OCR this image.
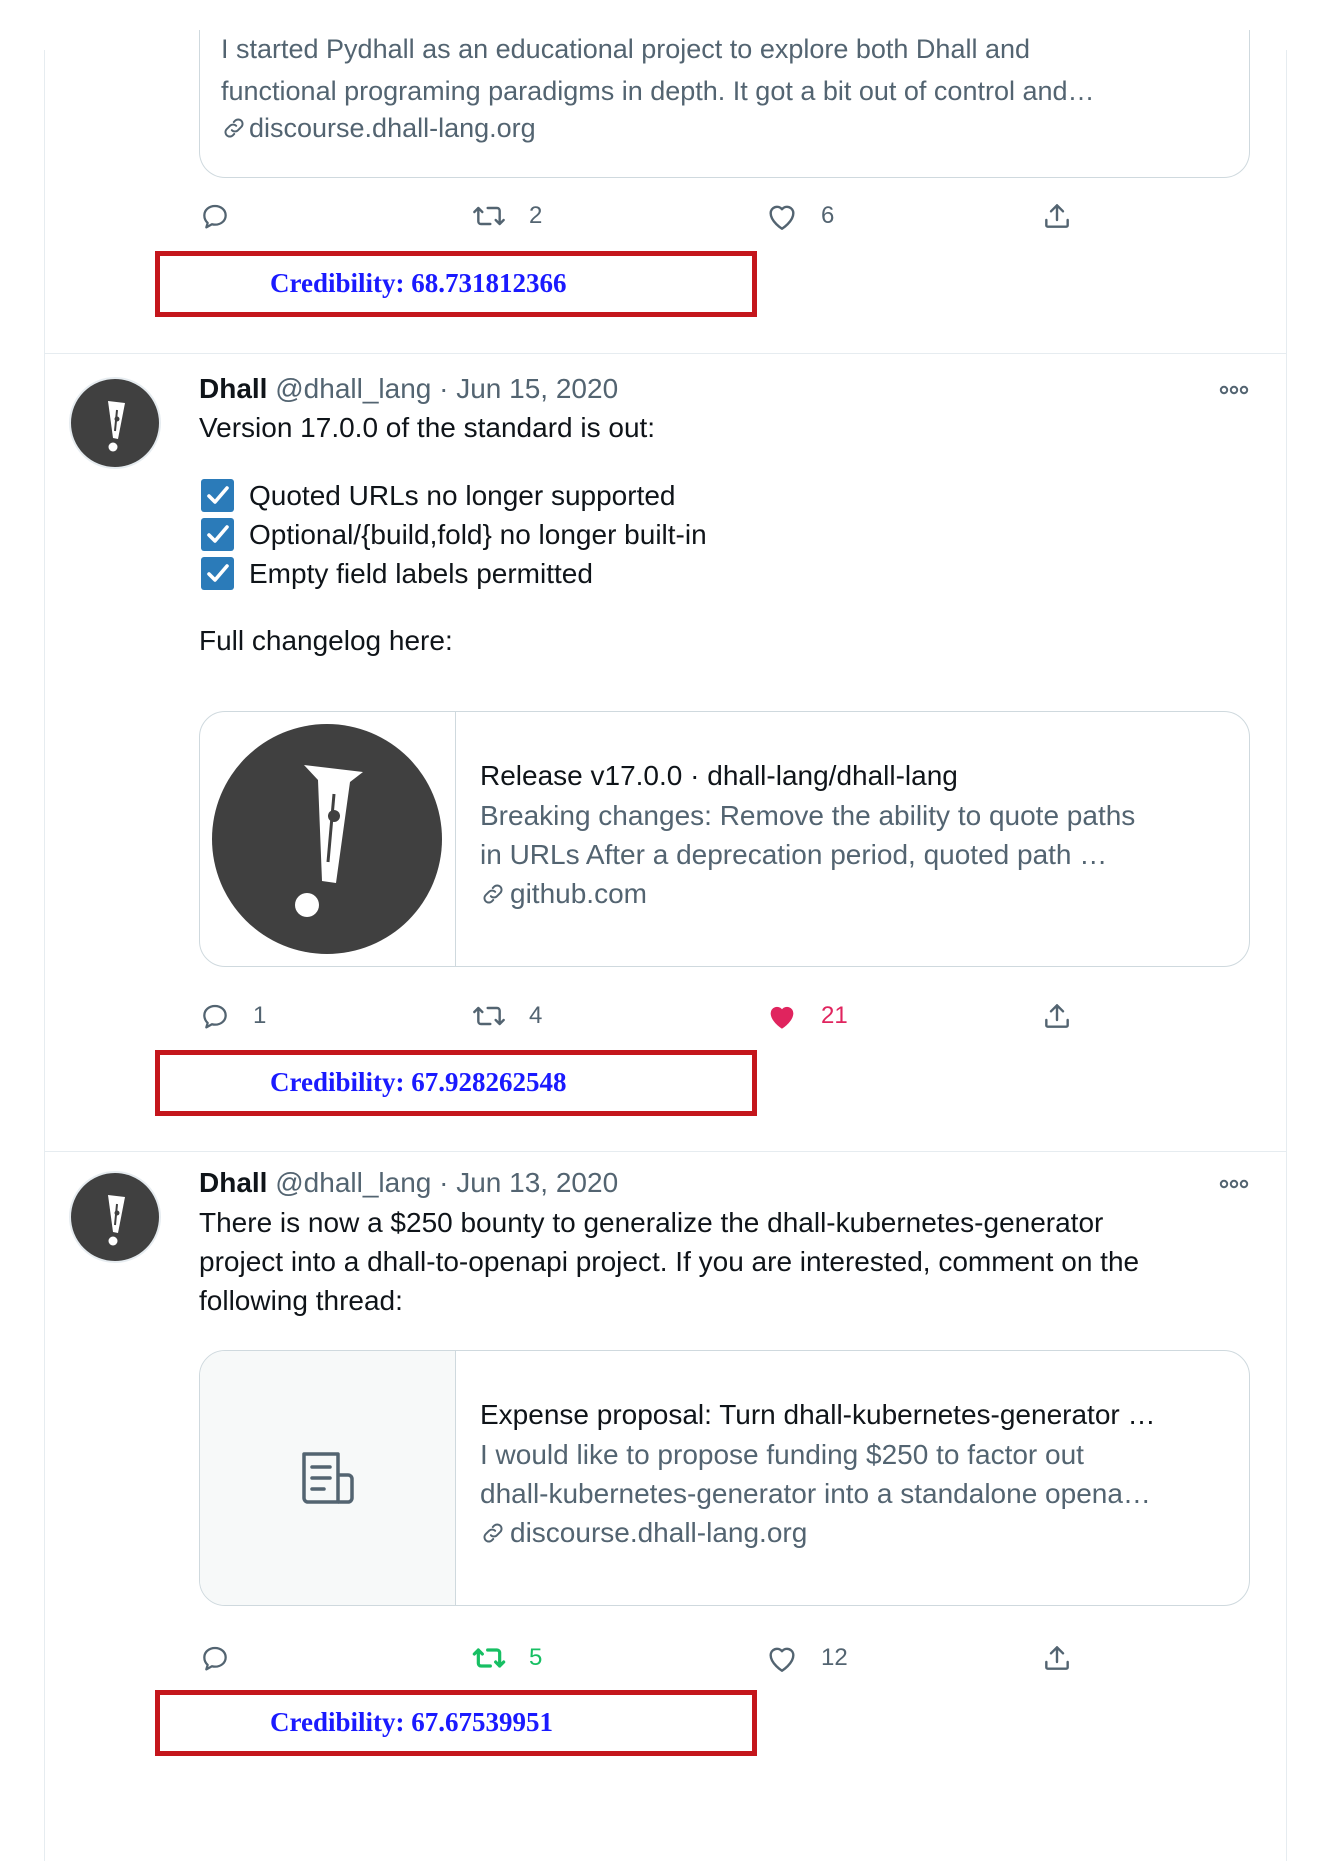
I started Pydhall as an educational project to explore both Dhall and
functional programing paradigms in depth. It got a bit out of control and…
discourse.dhall-lang.org
2	6
Credibility: 68.731812366
Dhall @dhall_lang · Jun 15, 2020
Version 17.0.0 of the standard is out:
Quoted URLs no longer supported
Optional/{build,fold} no longer built-in
Empty field labels permitted
Full changelog here:
Release v17.0.0 · dhall-lang/dhall-lang
Breaking changes: Remove the ability to quote paths
in URLs After a deprecation period, quoted path …
github.com
1	4	21
Credibility: 67.928262548
Dhall @dhall_lang · Jun 13, 2020
There is now a $250 bounty to generalize the dhall-kubernetes-generator
project into a dhall-to-openapi project. If you are interested, comment on the
following thread:
Expense proposal: Turn dhall-kubernetes-generator …
I would like to propose funding $250 to factor out
dhall-kubernetes-generator into a standalone opena…
discourse.dhall-lang.org
5	12
Credibility: 67.67539951
